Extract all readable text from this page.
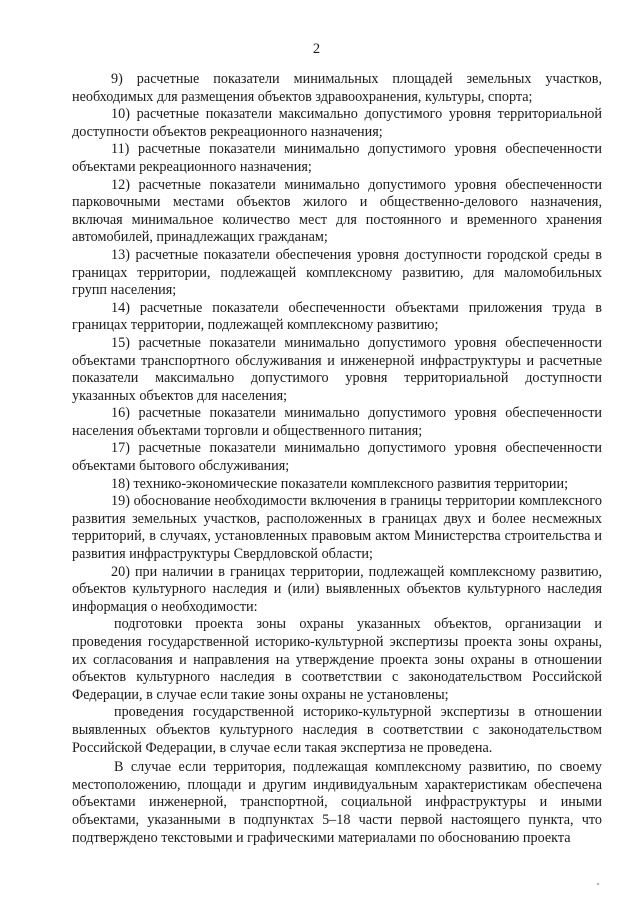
2

9) расчетные показатели минимальных площадей земельных участков, необходимых для размещения объектов здравоохранения, культуры, спорта;

10) расчетные показатели максимально допустимого уровня территориальной доступности объектов рекреационного назначения;

11) расчетные показатели минимально допустимого уровня обеспеченности объектами рекреационного назначения;

12) расчетные показатели минимально допустимого уровня обеспеченности парковочными местами объектов жилого и общественно-делового назначения, включая минимальное количество мест для постоянного и временного хранения автомобилей, принадлежащих гражданам;

13) расчетные показатели обеспечения уровня доступности городской среды в границах территории, подлежащей комплексному развитию, для маломобильных групп населения;

14) расчетные показатели обеспеченности объектами приложения труда в границах территории, подлежащей комплексному развитию;

15) расчетные показатели минимально допустимого уровня обеспеченности объектами транспортного обслуживания и инженерной инфраструктуры и расчетные показатели максимально допустимого уровня территориальной доступности указанных объектов для населения;

16) расчетные показатели минимально допустимого уровня обеспеченности населения объектами торговли и общественного питания;

17) расчетные показатели минимально допустимого уровня обеспеченности объектами бытового обслуживания;

18) технико-экономические показатели комплексного развития территории;

19) обоснование необходимости включения в границы территории комплексного развития земельных участков, расположенных в границах двух и более несмежных территорий, в случаях, установленных правовым актом Министерства строительства и развития инфраструктуры Свердловской области;

20) при наличии в границах территории, подлежащей комплексному развитию, объектов культурного наследия и (или) выявленных объектов культурного наследия информация о необходимости:

подготовки проекта зоны охраны указанных объектов, организации и проведения государственной историко-культурной экспертизы проекта зоны охраны, их согласования и направления на утверждение проекта зоны охраны в отношении объектов культурного наследия в соответствии с законодательством Российской Федерации, в случае если такие зоны охраны не установлены;

проведения государственной историко-культурной экспертизы в отношении выявленных объектов культурного наследия в соответствии с законодательством Российской Федерации, в случае если такая экспертиза не проведена.

В случае если территория, подлежащая комплексному развитию, по своему местоположению, площади и другим индивидуальным характеристикам обеспечена объектами инженерной, транспортной, социальной инфраструктуры и иными объектами, указанными в подпунктах 5–18 части первой настоящего пункта, что подтверждено текстовыми и графическими материалами по обоснованию проекта
